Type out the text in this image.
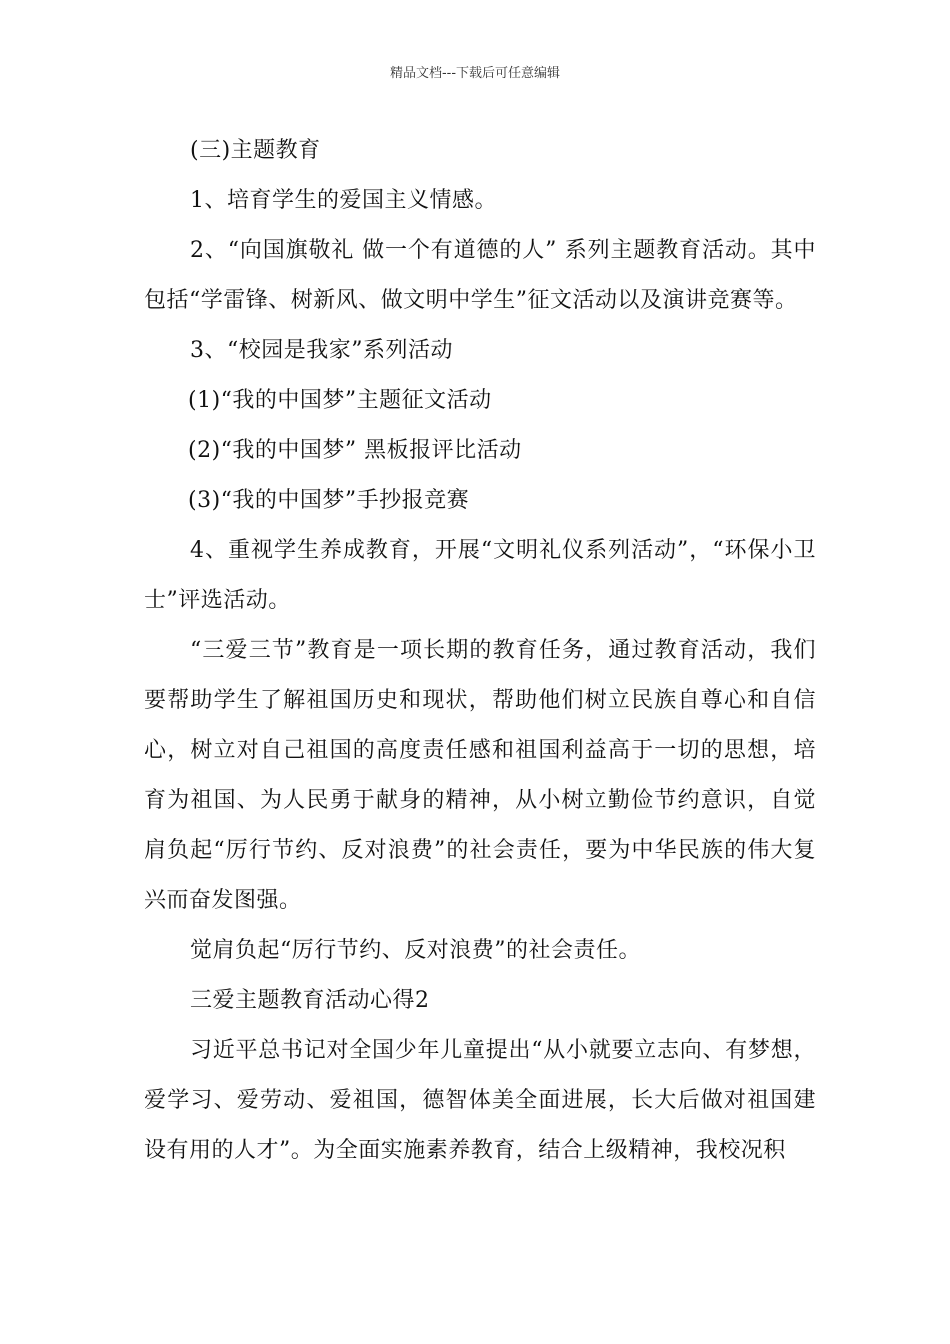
精品文档---下载后可任意编辑

(三)主题教育

1、培育学生的爱国主义情感。

2、“向国旗敬礼 做一个有道德的人” 系列主题教育活动。其中包括“学雷锋、树新风、做文明中学生”征文活动以及演讲竞赛等。

3、“校园是我家”系列活动

(1)“我的中国梦”主题征文活动

(2)“我的中国梦” 黑板报评比活动

(3)“我的中国梦”手抄报竞赛

4、重视学生养成教育，开展“文明礼仪系列活动”，“环保小卫士”评选活动。

“三爱三节”教育是一项长期的教育任务，通过教育活动，我们要帮助学生了解祖国历史和现状，帮助他们树立民族自尊心和自信心，树立对自己祖国的高度责任感和祖国利益高于一切的思想，培育为祖国、为人民勇于献身的精神，从小树立勤俭节约意识，自觉肩负起“厉行节约、反对浪费”的社会责任，要为中华民族的伟大复兴而奋发图强。

觉肩负起“厉行节约、反对浪费”的社会责任。

三爱主题教育活动心得2

习近平总书记对全国少年儿童提出“从小就要立志向、有梦想，爱学习、爱劳动、爱祖国，德智体美全面进展，长大后做对祖国建设有用的人才”。为全面实施素养教育，结合上级精神，我校况积
